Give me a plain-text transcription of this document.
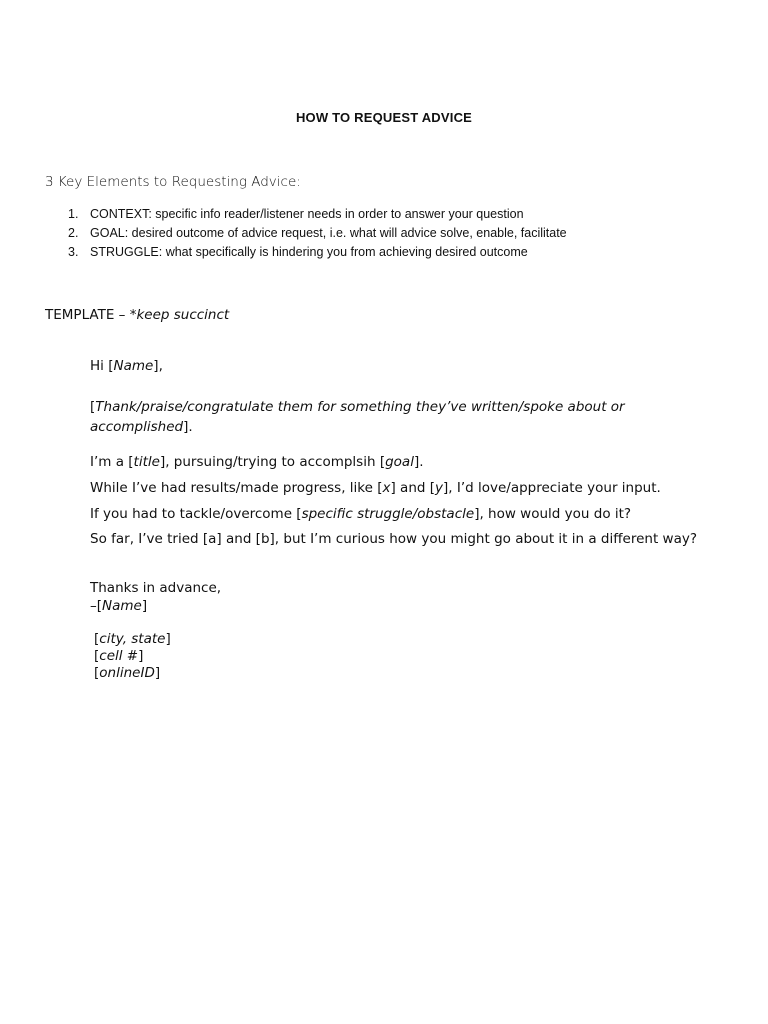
HOW TO REQUEST ADVICE
3 Key Elements to Requesting Advice:
1. CONTEXT: specific info reader/listener needs in order to answer your question
2. GOAL: desired outcome of advice request, i.e. what will advice solve, enable, facilitate
3. STRUGGLE: what specifically is hindering you from achieving desired outcome
TEMPLATE – *keep succinct
Hi [Name],
[Thank/praise/congratulate them for something they’ve written/spoke about or accomplished].
I’m a [title], pursuing/trying to accomplsih [goal].
While I’ve had results/made progress, like [x] and [y], I’d love/appreciate your input.
If you had to tackle/overcome [specific struggle/obstacle], how would you do it?
So far, I’ve tried [a] and [b], but I’m curious how you might go about it in a different way?
Thanks in advance,
–[Name]
[city, state]
[cell #]
[onlineID]
